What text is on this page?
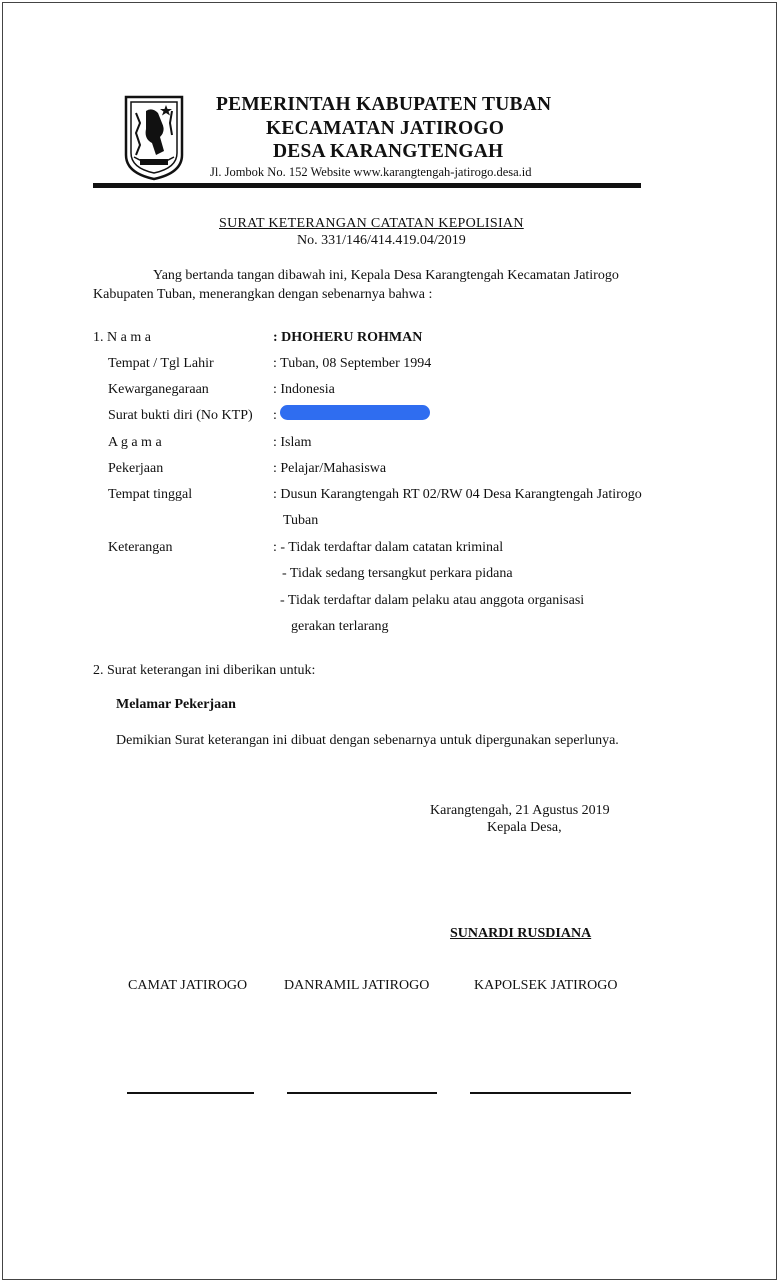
PEMERINTAH KABUPATEN TUBAN
KECAMATAN JATIROGO
DESA KARANGTENGAH
Jl. Jombok No. 152 Website www.karangtengah-jatirogo.desa.id
SURAT KETERANGAN CATATAN KEPOLISIAN
No. 331/146/414.419.04/2019
Yang bertanda tangan dibawah ini, Kepala Desa Karangtengah Kecamatan Jatirogo
Kabupaten Tuban, menerangkan dengan sebenarnya bahwa :
1. N a m a	: DHOHERU ROHMAN
Tempat / Tgl Lahir	: Tuban, 08 September 1994
Kewarganegaraan	: Indonesia
Surat bukti diri (No KTP) :
A g a m a	: Islam
Pekerjaan	: Pelajar/Mahasiswa
Tempat tinggal	: Dusun Karangtengah RT 02/RW 04 Desa Karangtengah Jatirogo
Tuban
Keterangan	: - Tidak terdaftar dalam catatan kriminal
- Tidak sedang tersangkut perkara pidana
- Tidak terdaftar dalam pelaku atau anggota organisasi
gerakan terlarang
2. Surat keterangan ini diberikan untuk:
Melamar Pekerjaan
Demikian Surat keterangan ini dibuat dengan sebenarnya untuk dipergunakan seperlunya.
Karangtengah, 21 Agustus 2019
Kepala Desa,
SUNARDI RUSDIANA
CAMAT JATIROGO	DANRAMIL JATIROGO	KAPOLSEK JATIROGO
